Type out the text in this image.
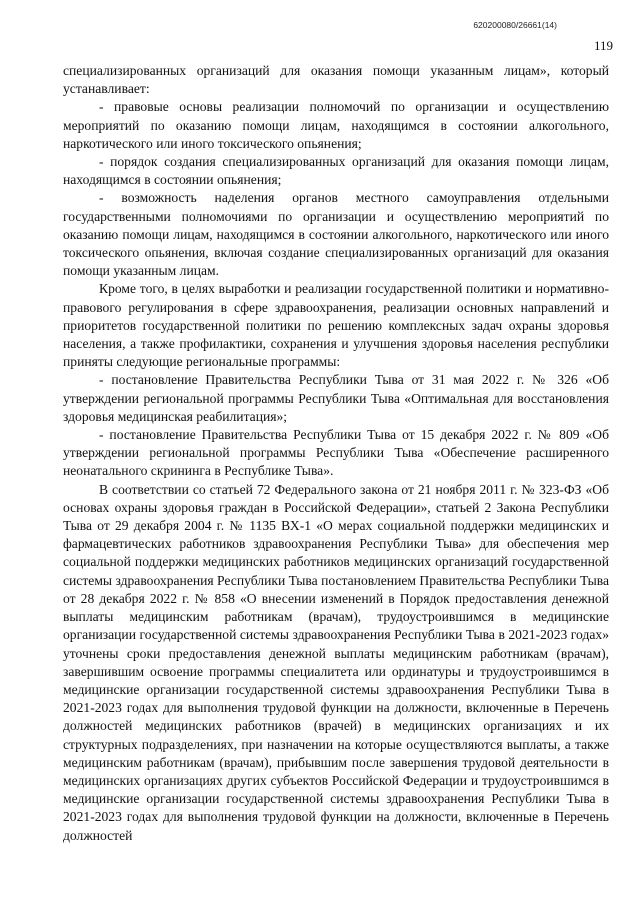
620200080/26661(14)
119

специализированных организаций для оказания помощи указанным лицам», который устанавливает:

- правовые основы реализации полномочий по организации и осуществлению мероприятий по оказанию помощи лицам, находящимся в состоянии алкогольного, наркотического или иного токсического опьянения;

- порядок создания специализированных организаций для оказания помощи лицам, находящимся в состоянии опьянения;

- возможность наделения органов местного самоуправления отдельными государственными полномочиями по организации и осуществлению мероприятий по оказанию помощи лицам, находящимся в состоянии алкогольного, наркотического или иного токсического опьянения, включая создание специализированных организаций для оказания помощи указанным лицам.

Кроме того, в целях выработки и реализации государственной политики и нормативно-правового регулирования в сфере здравоохранения, реализации основных направлений и приоритетов государственной политики по решению комплексных задач охраны здоровья населения, а также профилактики, сохранения и улучшения здоровья населения республики приняты следующие региональные программы:

- постановление Правительства Республики Тыва от 31 мая 2022 г. № 326 «Об утверждении региональной программы Республики Тыва «Оптимальная для восстановления здоровья медицинская реабилитация»;

- постановление Правительства Республики Тыва от 15 декабря 2022 г. № 809 «Об утверждении региональной программы Республики Тыва «Обеспечение расширенного неонатального скрининга в Республике Тыва».

В соответствии со статьей 72 Федерального закона от 21 ноября 2011 г. № 323-ФЗ «Об основах охраны здоровья граждан в Российской Федерации», статьей 2 Закона Республики Тыва от 29 декабря 2004 г. № 1135 ВХ-1 «О мерах социальной поддержки медицинских и фармацевтических работников здравоохранения Республики Тыва» для обеспечения мер социальной поддержки медицинских работников медицинских организаций государственной системы здравоохранения Республики Тыва постановлением Правительства Республики Тыва от 28 декабря 2022 г. № 858 «О внесении изменений в Порядок предоставления денежной выплаты медицинским работникам (врачам), трудоустроившимся в медицинские организации государственной системы здравоохранения Республики Тыва в 2021-2023 годах» уточнены сроки предоставления денежной выплаты медицинским работникам (врачам), завершившим освоение программы специалитета или ординатуры и трудоустроившимся в медицинские организации государственной системы здравоохранения Республики Тыва в 2021-2023 годах для выполнения трудовой функции на должности, включенные в Перечень должностей медицинских работников (врачей) в медицинских организациях и их структурных подразделениях, при назначении на которые осуществляются выплаты, а также медицинским работникам (врачам), прибывшим после завершения трудовой деятельности в медицинских организациях других субъектов Российской Федерации и трудоустроившимся в медицинские организации государственной системы здравоохранения Республики Тыва в 2021-2023 годах для выполнения трудовой функции на должности, включенные в Перечень должностей
